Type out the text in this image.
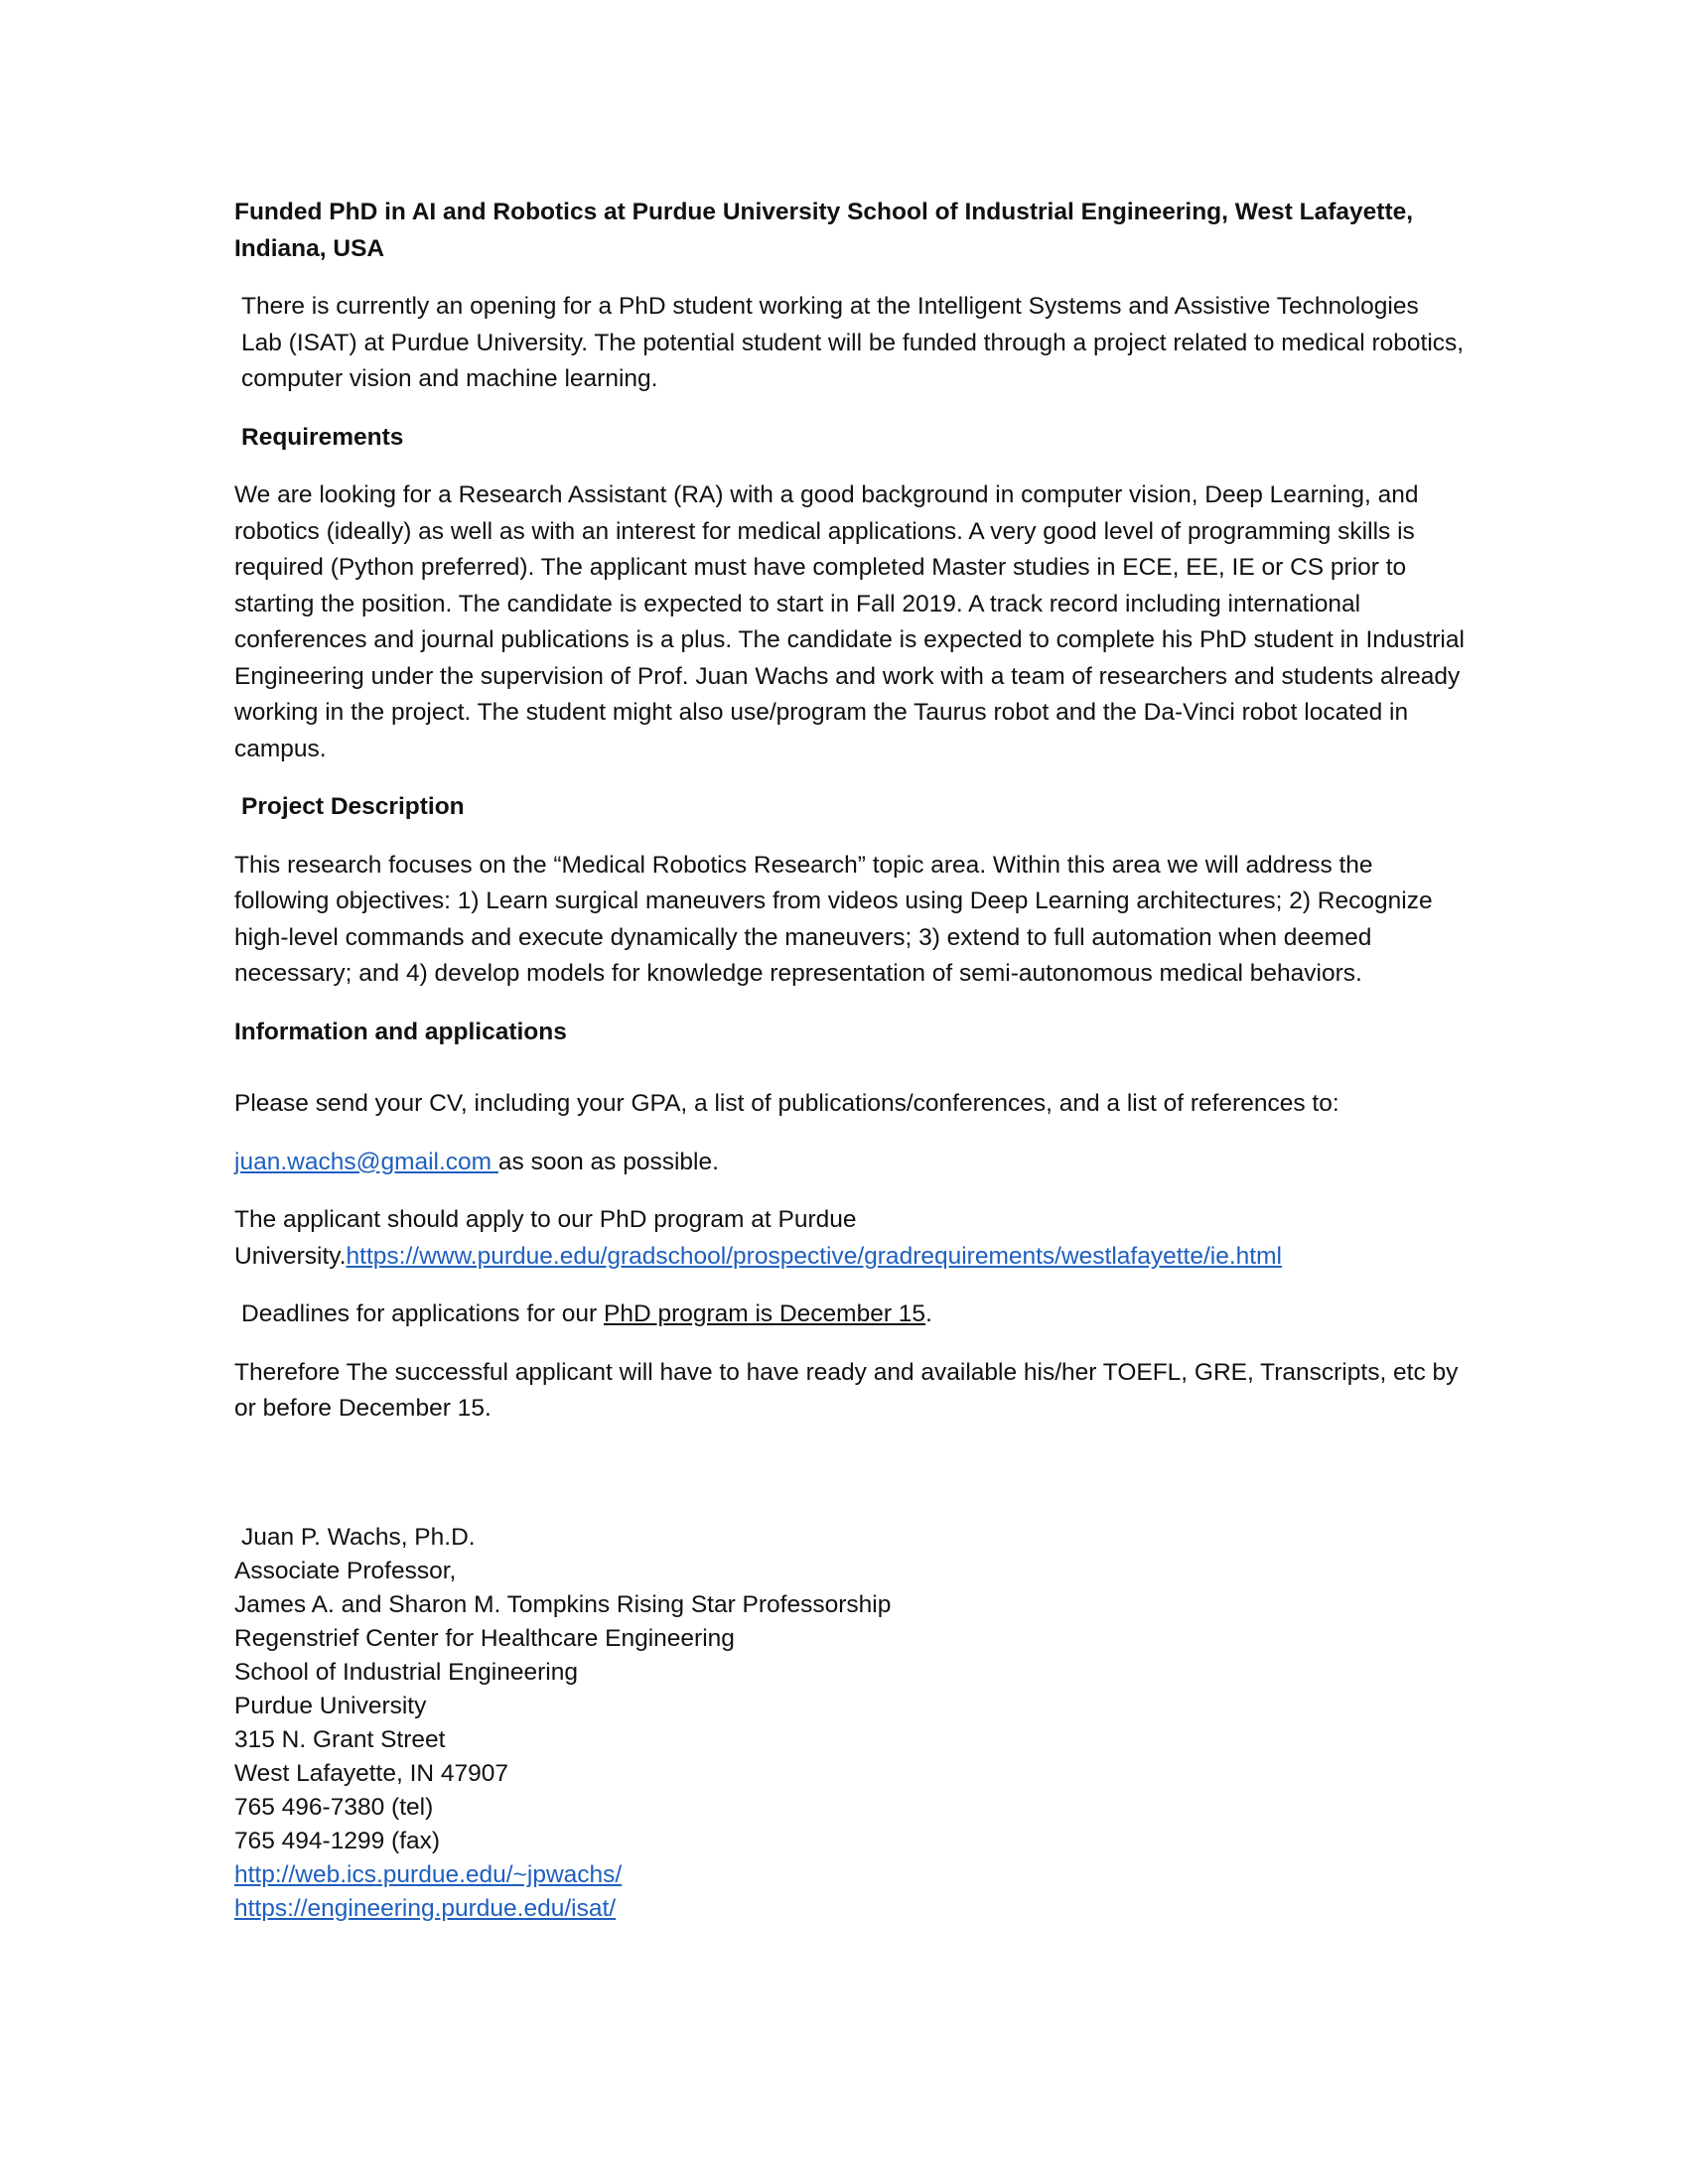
Funded PhD in AI and Robotics at Purdue University School of Industrial Engineering, West Lafayette, Indiana, USA

There is currently an opening for a PhD student working at the Intelligent Systems and Assistive Technologies Lab (ISAT) at Purdue University. The potential student will be funded through a project related to medical robotics, computer vision and machine learning.

Requirements

We are looking for a Research Assistant (RA) with a good background in computer vision, Deep Learning, and robotics (ideally) as well as with an interest for medical applications. A very good level of programming skills is required (Python preferred). The applicant must have completed Master studies in ECE, EE, IE or CS prior to starting the position. The candidate is expected to start in Fall 2019. A track record including international conferences and journal publications is a plus. The candidate is expected to complete his PhD student in Industrial Engineering under the supervision of Prof. Juan Wachs and work with a team of researchers and students already working in the project. The student might also use/program the Taurus robot and the Da-Vinci robot located in campus.

Project Description

This research focuses on the “Medical Robotics Research” topic area. Within this area we will address the following objectives: 1) Learn surgical maneuvers from videos using Deep Learning architectures; 2) Recognize high-level commands and execute dynamically the maneuvers; 3) extend to full automation when deemed necessary; and 4) develop models for knowledge representation of semi-autonomous medical behaviors.

Information and applications

Please send your CV, including your GPA, a list of publications/conferences, and a list of references to:

juan.wachs@gmail.com as soon as possible.

The applicant should apply to our PhD program at Purdue
University.https://www.purdue.edu/gradschool/prospective/gradrequirements/westlafayette/ie.html

Deadlines for applications for our PhD program is December 15.

Therefore The successful applicant will have to have ready and available his/her TOEFL, GRE, Transcripts, etc by or before December 15.

Juan P. Wachs, Ph.D.
Associate Professor,
James A. and Sharon M. Tompkins Rising Star Professorship
Regenstrief Center for Healthcare Engineering
School of Industrial Engineering
Purdue University
315 N. Grant Street
West Lafayette, IN 47907
765 496-7380 (tel)
765 494-1299 (fax)
http://web.ics.purdue.edu/~jpwachs/
https://engineering.purdue.edu/isat/
